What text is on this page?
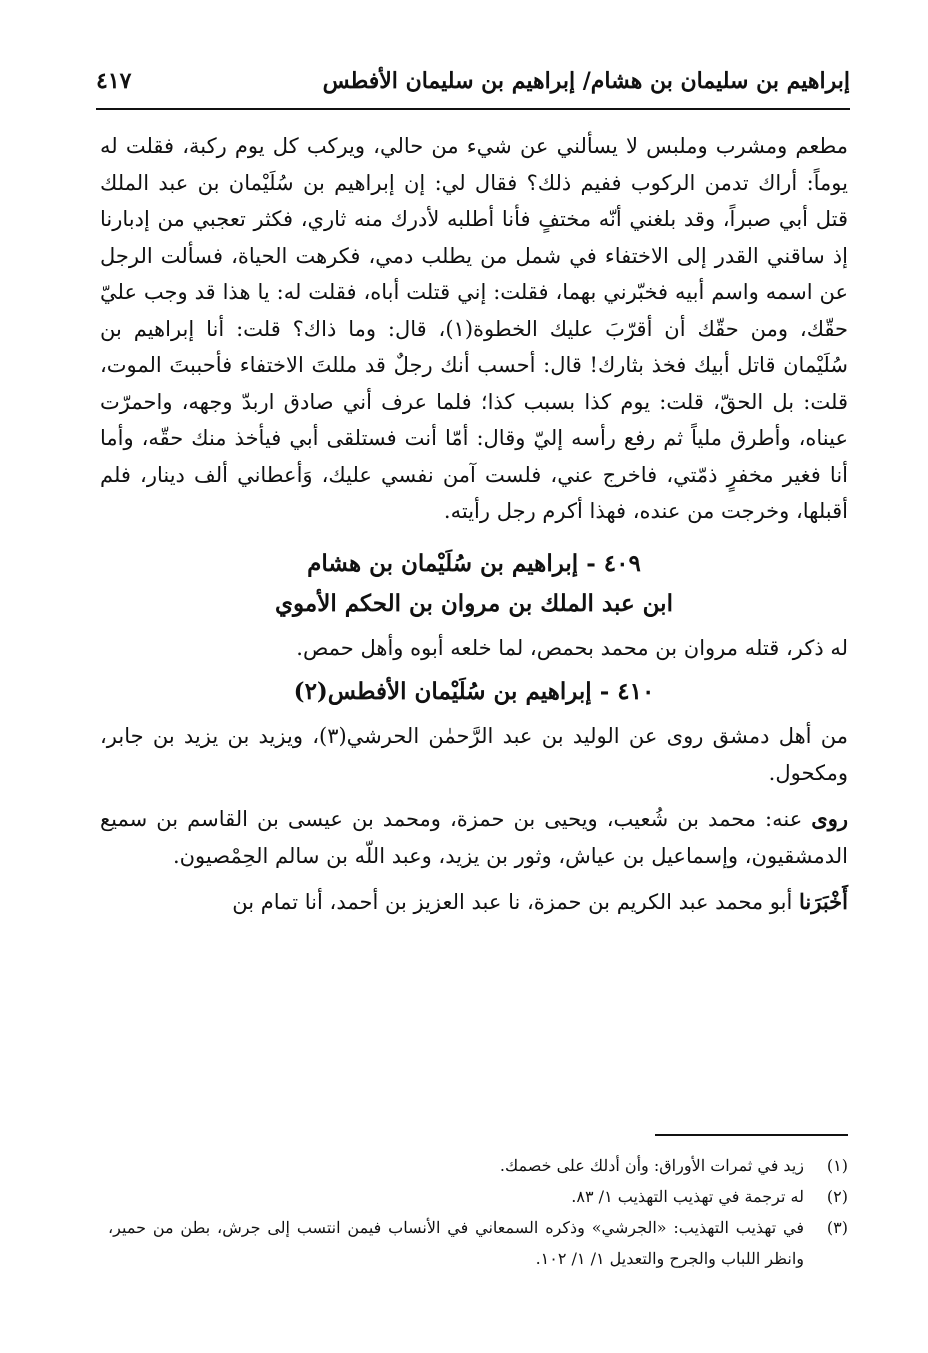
إبراهيم بن سليمان بن هشام/ إبراهيم بن سليمان الأفطس
٤١٧

مطعم ومشرب وملبس لا يسألني عن شيء من حالي، ويركب كل يوم ركبة، فقلت له يوماً: أراك تدمن الركوب ففيم ذلك؟ فقال لي: إن إبراهيم بن سُلَيْمان بن عبد الملك قتل أبي صبراً، وقد بلغني أنّه مختفٍ فأنا أطلبه لأدرك منه ثاري، فكثر تعجبي من إدبارنا إذ ساقني القدر إلى الاختفاء في شمل من يطلب دمي، فكرهت الحياة، فسألت الرجل عن اسمه واسم أبيه فخبّرني بهما، فقلت: إني قتلت أباه، فقلت له: يا هذا قد وجب عليّ حقّك، ومن حقّك أن أقرّبَ عليك الخطوة(١)، قال: وما ذاك؟ قلت: أنا إبراهيم بن سُلَيْمان قاتل أبيك فخذ بثارك! قال: أحسب أنك رجلٌ قد مللتَ الاختفاء فأحببتَ الموت، قلت: بل الحقّ، قلت: يوم كذا بسبب كذا؛ فلما عرف أني صادق اربدّ وجهه، واحمرّت عيناه، وأطرق ملياً ثم رفع رأسه إليّ وقال: أمّا أنت فستلقى أبي فيأخذ منك حقّه، وأما أنا فغير مخفرٍ ذمّتي، فاخرج عني، فلست آمن نفسي عليك، وَأعطاني ألف دينار، فلم أقبلها، وخرجت من عنده، فهذا أكرم رجل رأيته.

٤٠٩ - إبراهيم بن سُلَيْمان بن هشام
ابن عبد الملك بن مروان بن الحكم الأموي

له ذكر، قتله مروان بن محمد بحمص، لما خلعه أبوه وأهل حمص.

٤١٠ - إبراهيم بن سُلَيْمان الأفطس(٢)

من أهل دمشق روى عن الوليد بن عبد الرَّحمٰن الحرشي(٣)، ويزيد بن يزيد بن جابر، ومكحول.

روى عنه: محمد بن شُعيب، ويحيى بن حمزة، ومحمد بن عيسى بن القاسم بن سميع الدمشقيون، وإسماعيل بن عياش، وثور بن يزيد، وعبد اللّه بن سالم الحِمْصيون.

أَخْبَرَنا أبو محمد عبد الكريم بن حمزة، نا عبد العزيز بن أحمد، أنا تمام بن

(١)
زيد في ثمرات الأوراق: وأن أدلك على خصمك.
(٢)
له ترجمة في تهذيب التهذيب ١/ ٨٣.
(٣)
في تهذيب التهذيب: «الجرشي» وذكره السمعاني في الأنساب فيمن انتسب إلى جرش، بطن من حمير، وانظر اللباب والجرح والتعديل ١/ ١/ ١٠٢.
